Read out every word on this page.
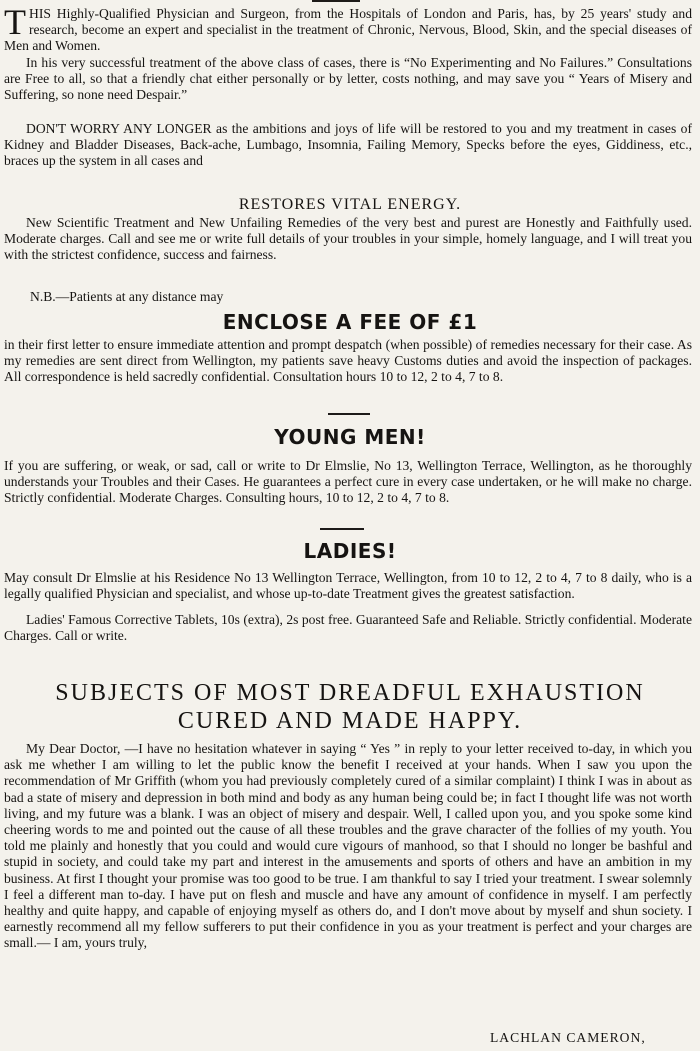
THIS Highly-Qualified Physician and Surgeon, from the Hospitals of London and Paris, has, by 25 years' study and research, become an expert and specialist in the treatment of Chronic, Nervous, Blood, Skin, and the special diseases of Men and Women.

In his very successful treatment of the above class of cases, there is “No Experimenting and No Failures.” Consultations are Free to all, so that a friendly chat either personally or by letter, costs nothing, and may save you “ Years of Misery and Suffering, so none need Despair.”

DON'T WORRY ANY LONGER as the ambitions and joys of life will be restored to you and my treatment in cases of Kidney and Bladder Diseases, Back-ache, Lumbago, Insomnia, Failing Memory, Specks before the eyes, Giddiness, etc., braces up the system in all cases and

RESTORES VITAL ENERGY.

New Scientific Treatment and New Unfailing Remedies of the very best and purest are Honestly and Faithfully used. Moderate charges. Call and see me or write full details of your troubles in your simple, homely language, and I will treat you with the strictest confidence, success and fairness.

N.B.—Patients at any distance may

ENCLOSE A FEE OF £1

in their first letter to ensure immediate attention and prompt despatch (when possible) of remedies necessary for their case. As my remedies are sent direct from Wellington, my patients save heavy Customs duties and avoid the inspection of packages. All correspondence is held sacredly confidential. Consultation hours 10 to 12, 2 to 4, 7 to 8.

YOUNG MEN!

If you are suffering, or weak, or sad, call or write to Dr Elmslie, No 13, Wellington Terrace, Wellington, as he thoroughly understands your Troubles and their Cases. He guarantees a perfect cure in every case undertaken, or he will make no charge. Strictly confidential. Moderate Charges. Consulting hours, 10 to 12, 2 to 4, 7 to 8.

LADIES!

May consult Dr Elmslie at his Residence No 13 Wellington Terrace, Wellington, from 10 to 12, 2 to 4, 7 to 8 daily, who is a legally qualified Physician and specialist, and whose up-to-date Treatment gives the greatest satisfaction.

Ladies' Famous Corrective Tablets, 10s (extra), 2s post free. Guaranteed Safe and Reliable. Strictly confidential. Moderate Charges. Call or write.

SUBJECTS OF MOST DREADFUL EXHAUSTION

CURED AND MADE HAPPY.

My Dear Doctor, —I have no hesitation whatever in saying “ Yes ” in reply to your letter received to-day, in which you ask me whether I am willing to let the public know the benefit I received at your hands. When I saw you upon the recommendation of Mr Griffith (whom you had previously completely cured of a similar complaint) I think I was in about as bad a state of misery and depression in both mind and body as any human being could be; in fact I thought life was not worth living, and my future was a blank. I was an object of misery and despair. Well, I called upon you, and you spoke some kind cheering words to me and pointed out the cause of all these troubles and the grave character of the follies of my youth. You told me plainly and honestly that you could and would cure vigours of manhood, so that I should no longer be bashful and stupid in society, and could take my part and interest in the amusements and sports of others and have an ambition in my business. At first I thought your promise was too good to be true. I am thankful to say I tried your treatment. I swear solemnly I feel a different man to-day. I have put on flesh and muscle and have any amount of confidence in myself. I am perfectly healthy and quite happy, and capable of enjoying myself as others do, and I don't move about by myself and shun society. I earnestly recommend all my fellow sufferers to put their confidence in you as your treatment is perfect and your charges are small.— I am, yours truly,

LACHLAN CAMERON,
